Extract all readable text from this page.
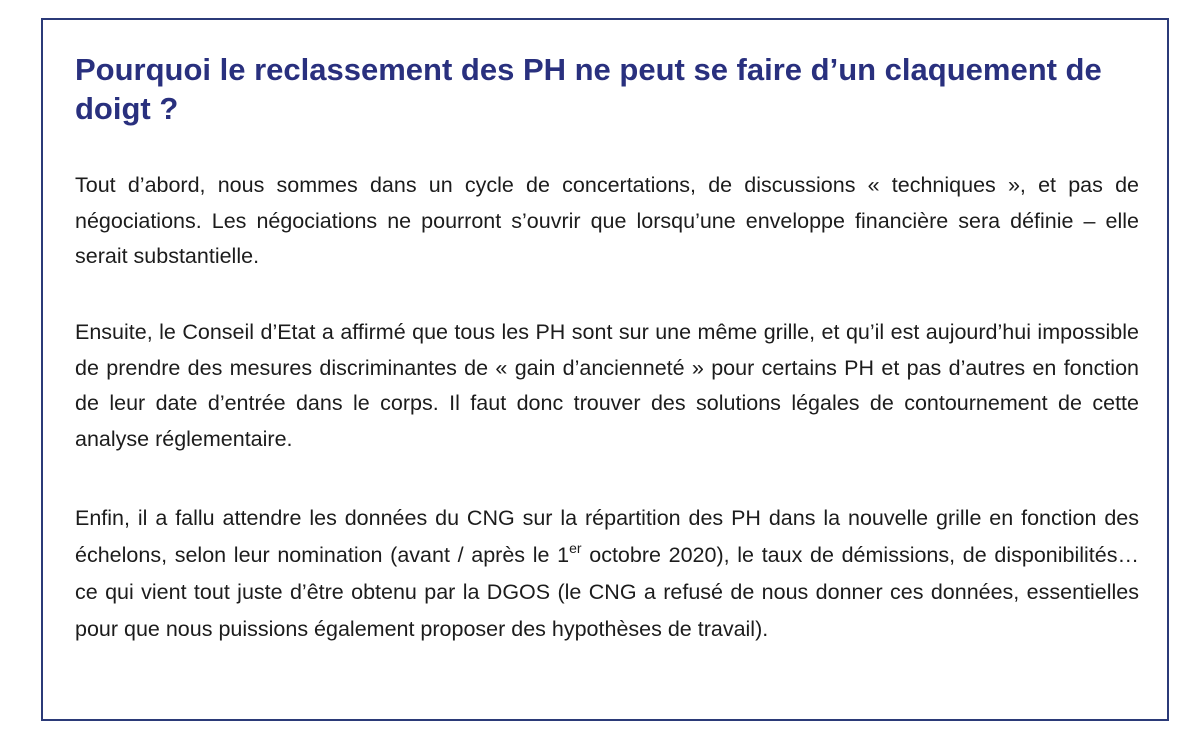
Pourquoi le reclassement des PH ne peut se faire d’un claquement de doigt ?

Tout d’abord, nous sommes dans un cycle de concertations, de discussions « techniques », et pas de négociations. Les négociations ne pourront s’ouvrir que lorsqu’une enveloppe financière sera définie – elle serait substantielle.

Ensuite, le Conseil d’Etat a affirmé que tous les PH sont sur une même grille, et qu’il est aujourd’hui impossible de prendre des mesures discriminantes de « gain d’ancienneté » pour certains PH et pas d’autres en fonction de leur date d’entrée dans le corps. Il faut donc trouver des solutions légales de contournement de cette analyse réglementaire.

Enfin, il a fallu attendre les données du CNG sur la répartition des PH dans la nouvelle grille en fonction des échelons, selon leur nomination (avant / après le 1er octobre 2020), le taux de démissions, de disponibilités… ce qui vient tout juste d’être obtenu par la DGOS (le CNG a refusé de nous donner ces données, essentielles pour que nous puissions également proposer des hypothèses de travail).
